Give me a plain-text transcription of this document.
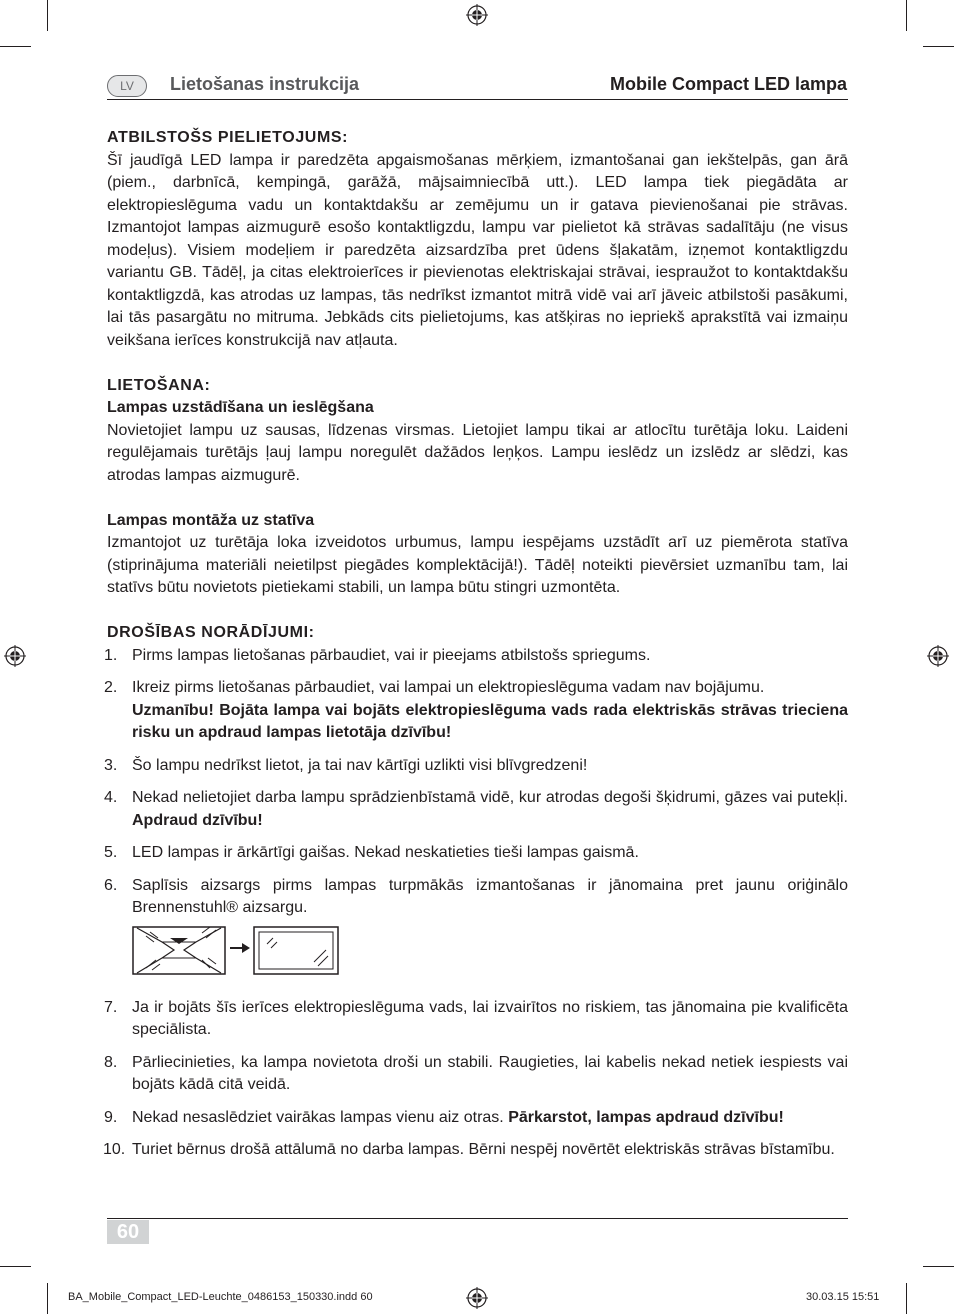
LV	Lietošanas instrukcija	Mobile Compact LED lampa
ATBILSTOŠS PIELIETOJUMS:

Šī jaudīgā LED lampa ir paredzēta apgaismošanas mērķiem, izmantošanai gan iekštelpās, gan ārā (piem., darbnīcā, kempingā, garāžā, mājsaimniecībā utt.). LED lampa tiek piegādāta ar elektropieslēguma vadu un kontaktdakšu ar zemējumu un ir gatava pievienošanai pie strāvas. Izmantojot lampas aizmugurē esošo kontaktligzdu, lampu var pielietot kā strāvas sadalītāju (ne visus modeļus). Visiem modeļiem ir paredzēta aizsardzība pret ūdens šļakatām, izņemot kontaktligzdu variantu GB. Tādēļ, ja citas elektroierīces ir pievienotas elektriskajai strāvai, iespraužot to kontaktdakšu kontaktligzdā, kas atrodas uz lampas, tās nedrīkst izmantot mitrā vidē vai arī jāveic atbilstoši pasākumi, lai tās pasargātu no mitruma. Jebkāds cits pielietojums, kas atšķiras no iepriekš aprakstītā vai izmaiņu veikšana ierīces konstrukcijā nav atļauta.

LIETOŠANA:
Lampas uzstādīšana un ieslēgšana

Novietojiet lampu uz sausas, līdzenas virsmas. Lietojiet lampu tikai ar atlocītu turētāja loku. Laideni regulējamais turētājs ļauj lampu noregulēt dažādos leņķos. Lampu ieslēdz un izslēdz ar slēdzi, kas atrodas lampas aizmugurē.

Lampas montāža uz statīva

Izmantojot uz turētāja loka izveidotos urbumus, lampu iespējams uzstādīt arī uz piemērota statīva (stiprinājuma materiāli neietilpst piegādes komplektācijā!). Tādēļ noteikti pievērsiet uzmanību tam, lai statīvs būtu novietots pietiekami stabili, un lampa būtu stingri uzmontēta.

DROŠĪBAS NORĀDĪJUMI:
1. Pirms lampas lietošanas pārbaudiet, vai ir pieejams atbilstošs spriegums.
2. Ikreiz pirms lietošanas pārbaudiet, vai lampai un elektropieslēguma vadam nav bojājumu.
Uzmanību! Bojāta lampa vai bojāts elektropieslēguma vads rada elektriskās strāvas trieciena risku un apdraud lampas lietotāja dzīvību!
3. Šo lampu nedrīkst lietot, ja tai nav kārtīgi uzlikti visi blīvgredzeni!
4. Nekad nelietojiet darba lampu sprādzienbīstamā vidē, kur atrodas degoši šķidrumi, gāzes vai putekļi. Apdraud dzīvību!
5. LED lampas ir ārkārtīgi gaišas. Nekad neskatieties tieši lampas gaismā.
6. Saplīsis aizsargs pirms lampas turpmākās izmantošanas ir jānomaina pret jaunu oriģinālo Brennenstuhl® aizsargu.
7. Ja ir bojāts šīs ierīces elektropieslēguma vads, lai izvairītos no riskiem, tas jānomaina pie kvalificēta speciālista.
8. Pārliecinieties, ka lampa novietota droši un stabili. Raugieties, lai kabelis nekad netiek iespiests vai bojāts kādā citā veidā.
9. Nekad nesaslēdziet vairākas lampas vienu aiz otras. Pārkarstot, lampas apdraud dzīvību!
10. Turiet bērnus drošā attālumā no darba lampas. Bērni nespēj novērtēt elektriskās strāvas bīstamību.
60
BA_Mobile_Compact_LED-Leuchte_0486153_150330.indd 60	30.03.15 15:51
